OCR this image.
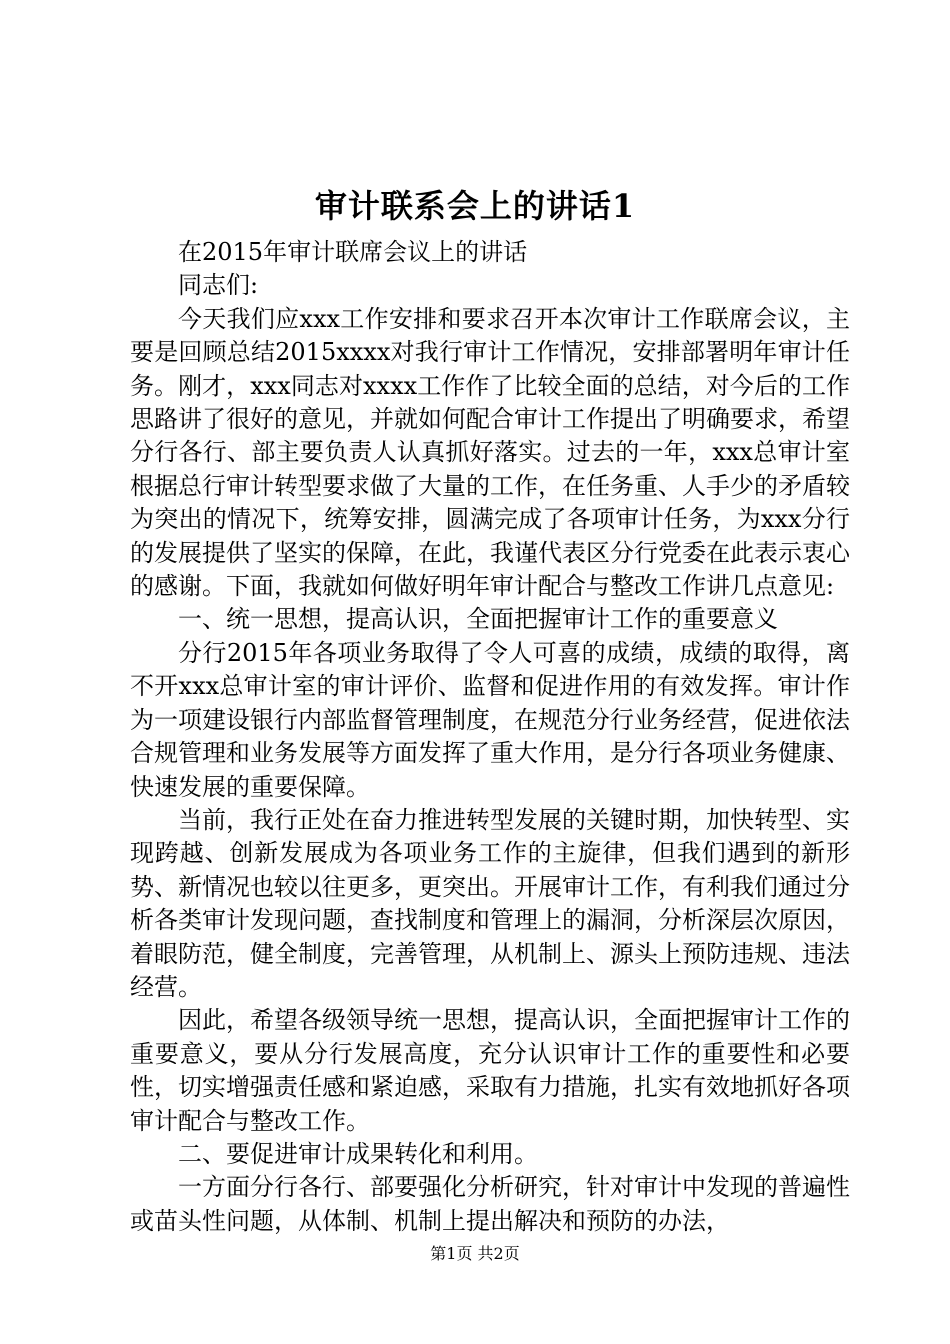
审计联系会上的讲话1

在2015年审计联席会议上的讲话

同志们:

今天我们应xxx工作安排和要求召开本次审计工作联席会议，主要是回顾总结2015xxxx对我行审计工作情况，安排部署明年审计任务。刚才，xxx同志对xxxx工作作了比较全面的总结，对今后的工作思路讲了很好的意见，并就如何配合审计工作提出了明确要求，希望分行各行、部主要负责人认真抓好落实。过去的一年，xxx总审计室根据总行审计转型要求做了大量的工作，在任务重、人手少的矛盾较为突出的情况下，统筹安排，圆满完成了各项审计任务，为xxx分行的发展提供了坚实的保障，在此，我谨代表区分行党委在此表示衷心的感谢。下面，我就如何做好明年审计配合与整改工作讲几点意见:

一、统一思想，提高认识，全面把握审计工作的重要意义

分行2015年各项业务取得了令人可喜的成绩，成绩的取得，离不开xxx总审计室的审计评价、监督和促进作用的有效发挥。审计作为一项建设银行内部监督管理制度，在规范分行业务经营，促进依法合规管理和业务发展等方面发挥了重大作用，是分行各项业务健康、快速发展的重要保障。

当前，我行正处在奋力推进转型发展的关键时期，加快转型、实现跨越、创新发展成为各项业务工作的主旋律，但我们遇到的新形势、新情况也较以往更多，更突出。开展审计工作，有利我们通过分析各类审计发现问题，查找制度和管理上的漏洞，分析深层次原因，着眼防范，健全制度，完善管理，从机制上、源头上预防违规、违法经营。

因此，希望各级领导统一思想，提高认识，全面把握审计工作的重要意义，要从分行发展高度，充分认识审计工作的重要性和必要性，切实增强责任感和紧迫感，采取有力措施，扎实有效地抓好各项审计配合与整改工作。

二、要促进审计成果转化和利用。

一方面分行各行、部要强化分析研究，针对审计中发现的普遍性或苗头性问题，从体制、机制上提出解决和预防的办法，

第1页 共2页
